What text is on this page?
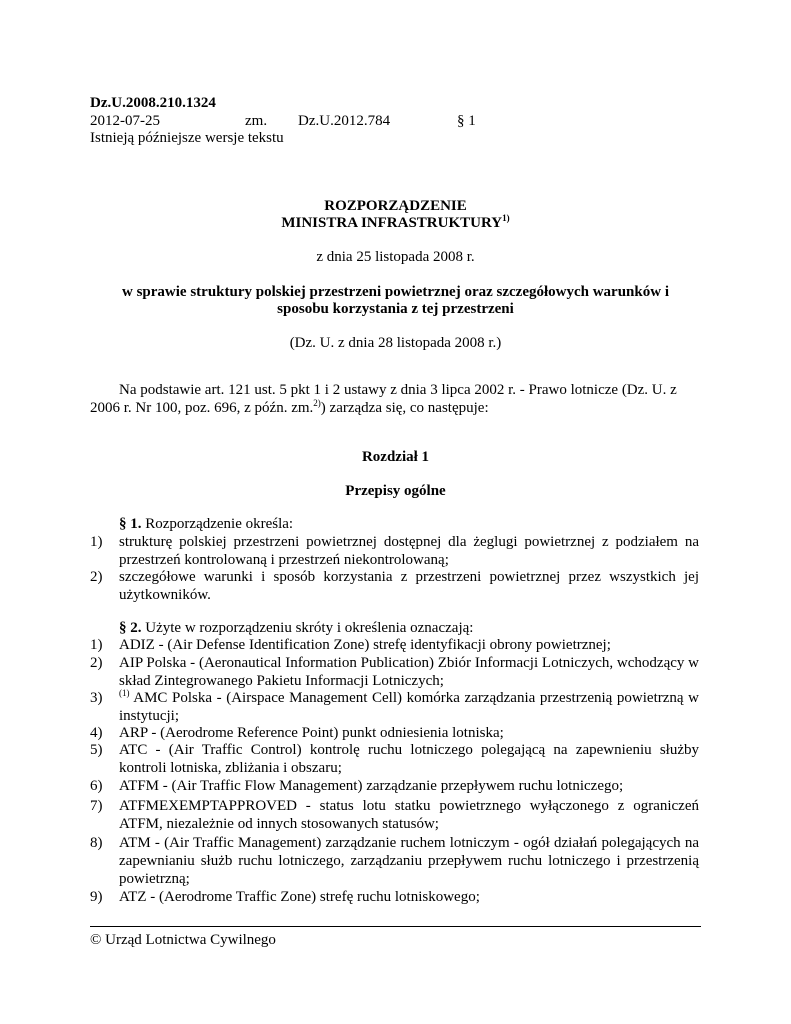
Dz.U.2008.210.1324
2012-07-25	zm. Dz.U.2012.784	§ 1
Istnieją późniejsze wersje tekstu
ROZPORZĄDZENIE
MINISTRA INFRASTRUKTURY$^{1)}$
z dnia 25 listopada 2008 r.
w sprawie struktury polskiej przestrzeni powietrznej oraz szczegółowych warunków i
sposobu korzystania z tej przestrzeni
(Dz. U. z dnia 28 listopada 2008 r.)
Na podstawie art. 121 ust. 5 pkt 1 i 2 ustawy z dnia 3 lipca 2002 r. - Prawo lotnicze (Dz. U. z
2006 r. Nr 100, poz. 696, z późn. zm.$^{2)}$) zarządza się, co następuje:
Rozdział 1
Przepisy ogólne
§ 1. Rozporządzenie określa:
1) strukturę polskiej przestrzeni powietrznej dostępnej dla żeglugi powietrznej z podziałem na przestrzeń kontrolowaną i przestrzeń niekontrolowaną;
2) szczegółowe warunki i sposób korzystania z przestrzeni powietrznej przez wszystkich jej użytkowników.
§ 2. Użyte w rozporządzeniu skróty i określenia oznaczają:
1) ADIZ - (Air Defense Identification Zone) strefę identyfikacji obrony powietrznej;
2) AIP Polska - (Aeronautical Information Publication) Zbiór Informacji Lotniczych, wchodzący w skład Zintegrowanego Pakietu Informacji Lotniczych;
3) $^{(1)}$ AMC Polska - (Airspace Management Cell) komórka zarządzania przestrzenią powietrzną w instytucji;
4) ARP - (Aerodrome Reference Point) punkt odniesienia lotniska;
5) ATC - (Air Traffic Control) kontrolę ruchu lotniczego polegającą na zapewnieniu służby kontroli lotniska, zbliżania i obszaru;
6) ATFM - (Air Traffic Flow Management) zarządzanie przepływem ruchu lotniczego;
7) ATFMEXEMPTAPPROVED - status lotu statku powietrznego wyłączonego z ograniczeń ATFM, niezależnie od innych stosowanych statusów;
8) ATM - (Air Traffic Management) zarządzanie ruchem lotniczym - ogół działań polegających na zapewnianiu służb ruchu lotniczego, zarządzaniu przepływem ruchu lotniczego i przestrzenią powietrzną;
9) ATZ - (Aerodrome Traffic Zone) strefę ruchu lotniskowego;
© Urząd Lotnictwa Cywilnego
